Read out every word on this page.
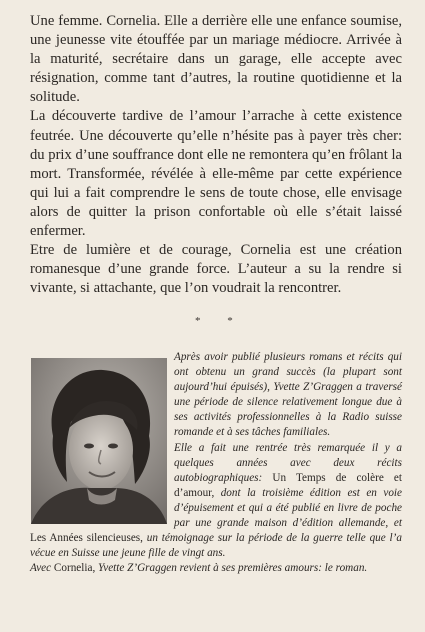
Une femme. Cornelia. Elle a derrière elle une enfance soumise, une jeunesse vite étouffée par un mariage médiocre. Arrivée à la maturité, secrétaire dans un garage, elle accepte avec résignation, comme tant d’autres, la routine quotidienne et la solitude.

La découverte tardive de l’amour l’arrache à cette existence feutrée. Une découverte qu’elle n’hésite pas à payer très cher: du prix d’une souffrance dont elle ne remontera qu’en frôlant la mort. Transformée, révélée à elle-même par cette expérience qui lui a fait comprendre le sens de toute chose, elle envisage alors de quitter la prison confortable où elle s’était laissé enfermer.

Etre de lumière et de courage, Cornelia est une création romanesque d’une grande force. L’auteur a su la rendre si vivante, si attachante, que l’on voudrait la rencontrer.

* *

Après avoir publié plusieurs romans et récits qui ont obtenu un grand succès (la plupart sont aujourd’hui épuisés), Yvette Z’Graggen a traversé une période de silence relativement longue due à ses activités professionnelles à la Radio suisse romande et à ses tâches familiales.

Elle a fait une rentrée très remarquée il y a quelques années avec deux récits autobiographiques: Un Temps de colère et d’amour, dont la troisième édition est en voie d’épuisement et qui a été publié en livre de poche par une grande maison d’édition allemande, et Les Années silencieuses, un témoignage sur la période de la guerre telle que l’a vécue en Suisse une jeune fille de vingt ans.

Avec Cornelia, Yvette Z’Graggen revient à ses premières amours: le roman.
